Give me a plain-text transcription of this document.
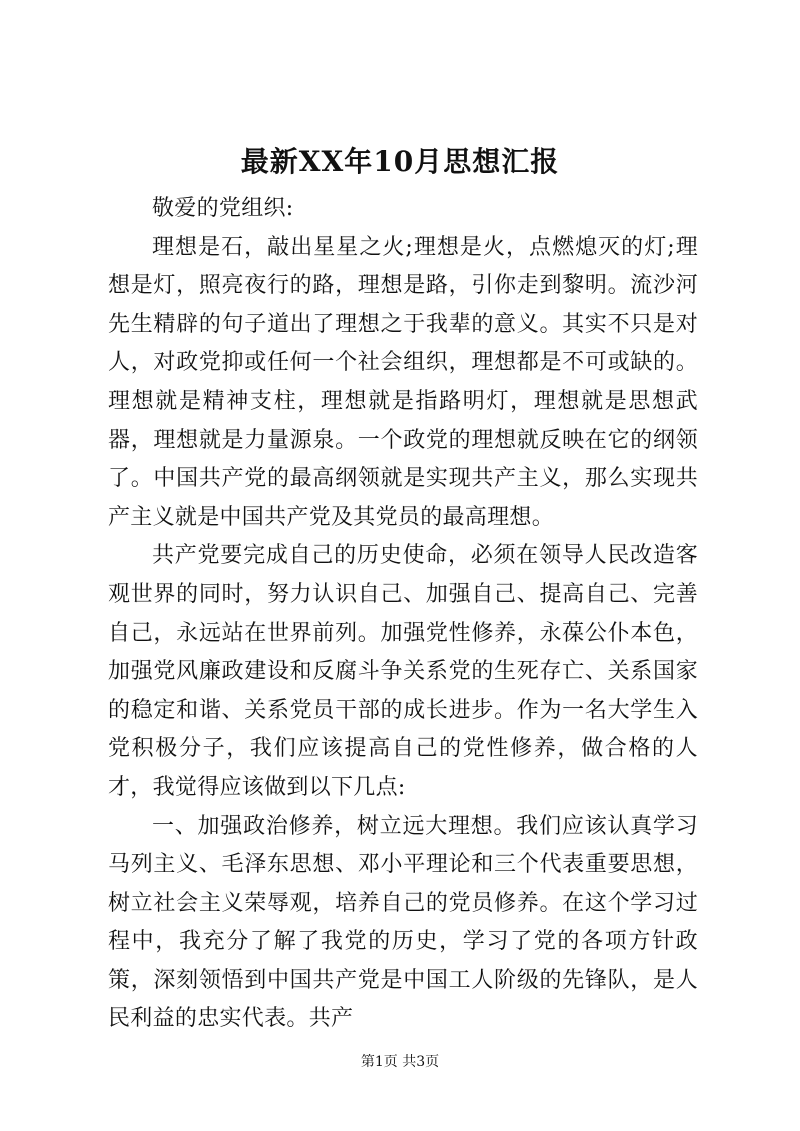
最新XX年10月思想汇报

敬爱的党组织:

理想是石，敲出星星之火;理想是火，点燃熄灭的灯;理想是灯，照亮夜行的路，理想是路，引你走到黎明。流沙河先生精辟的句子道出了理想之于我辈的意义。其实不只是对人，对政党抑或任何一个社会组织，理想都是不可或缺的。理想就是精神支柱，理想就是指路明灯，理想就是思想武器，理想就是力量源泉。一个政党的理想就反映在它的纲领了。中国共产党的最高纲领就是实现共产主义，那么实现共产主义就是中国共产党及其党员的最高理想。

共产党要完成自己的历史使命，必须在领导人民改造客观世界的同时，努力认识自己、加强自己、提高自己、完善自己，永远站在世界前列。加强党性修养，永葆公仆本色，加强党风廉政建设和反腐斗争关系党的生死存亡、关系国家的稳定和谐、关系党员干部的成长进步。作为一名大学生入党积极分子，我们应该提高自己的党性修养，做合格的人才，我觉得应该做到以下几点:

一、加强政治修养，树立远大理想。我们应该认真学习马列主义、毛泽东思想、邓小平理论和三个代表重要思想，树立社会主义荣辱观，培养自己的党员修养。在这个学习过程中，我充分了解了我党的历史，学习了党的各项方针政策，深刻领悟到中国共产党是中国工人阶级的先锋队，是人民利益的忠实代表。共产

第1页 共3页
